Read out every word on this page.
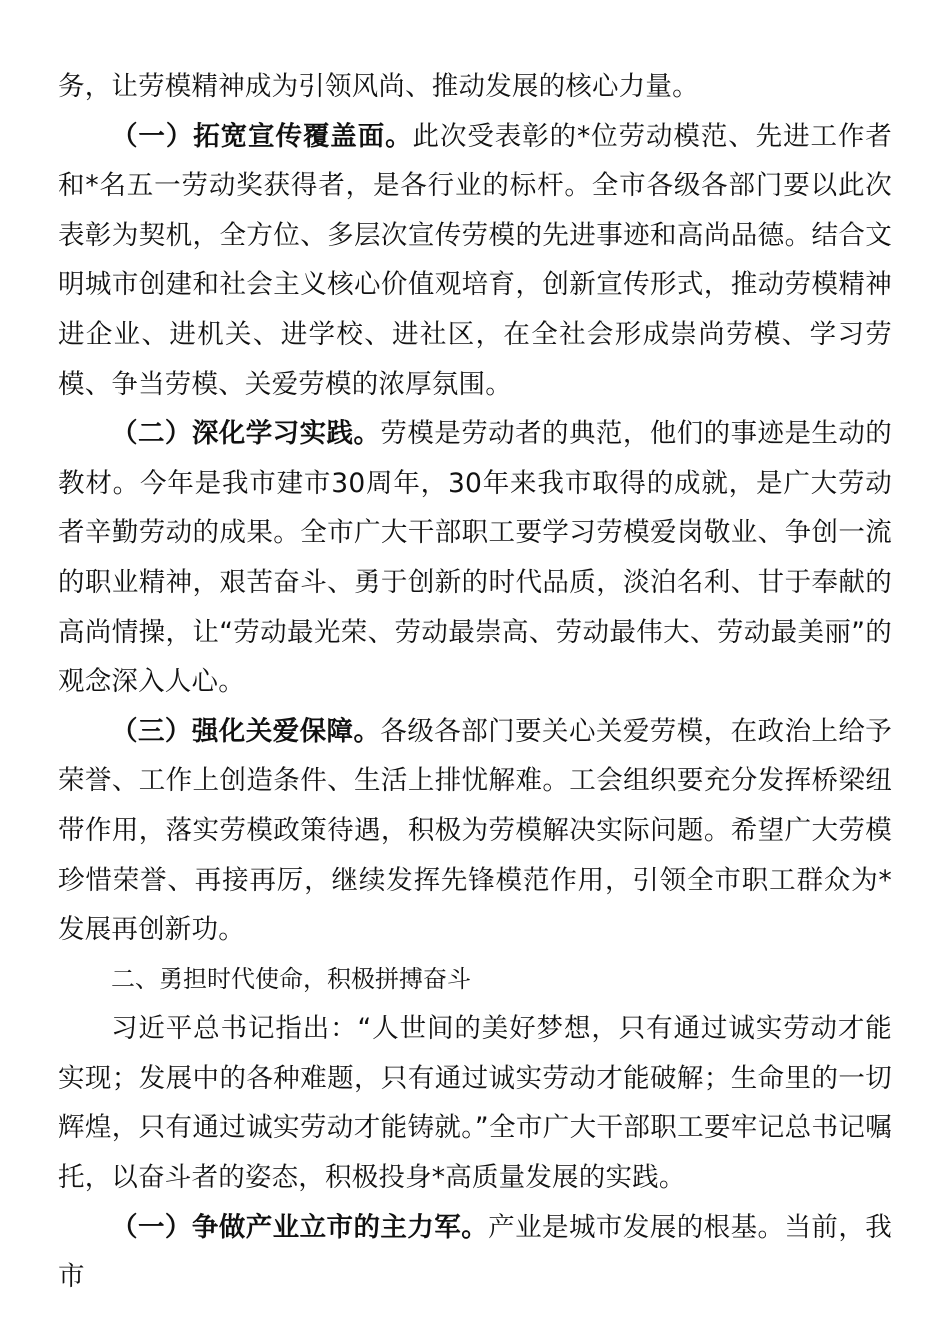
务，让劳模精神成为引领风尚、推动发展的核心力量。

（一）拓宽宣传覆盖面。此次受表彰的*位劳动模范、先进工作者和*名五一劳动奖获得者，是各行业的标杆。全市各级各部门要以此次表彰为契机，全方位、多层次宣传劳模的先进事迹和高尚品德。结合文明城市创建和社会主义核心价值观培育，创新宣传形式，推动劳模精神进企业、进机关、进学校、进社区，在全社会形成崇尚劳模、学习劳模、争当劳模、关爱劳模的浓厚氛围。

（二）深化学习实践。劳模是劳动者的典范，他们的事迹是生动的教材。今年是我市建市30周年，30年来我市取得的成就，是广大劳动者辛勤劳动的成果。全市广大干部职工要学习劳模爱岗敬业、争创一流的职业精神，艰苦奋斗、勇于创新的时代品质，淡泊名利、甘于奉献的高尚情操，让“劳动最光荣、劳动最崇高、劳动最伟大、劳动最美丽”的观念深入人心。

（三）强化关爱保障。各级各部门要关心关爱劳模，在政治上给予荣誉、工作上创造条件、生活上排忧解难。工会组织要充分发挥桥梁纽带作用，落实劳模政策待遇，积极为劳模解决实际问题。希望广大劳模珍惜荣誉、再接再厉，继续发挥先锋模范作用，引领全市职工群众为*发展再创新功。

二、勇担时代使命，积极拼搏奋斗

习近平总书记指出：“人世间的美好梦想，只有通过诚实劳动才能实现；发展中的各种难题，只有通过诚实劳动才能破解；生命里的一切辉煌，只有通过诚实劳动才能铸就。”全市广大干部职工要牢记总书记嘱托，以奋斗者的姿态，积极投身*高质量发展的实践。

（一）争做产业立市的主力军。产业是城市发展的根基。当前，我市
